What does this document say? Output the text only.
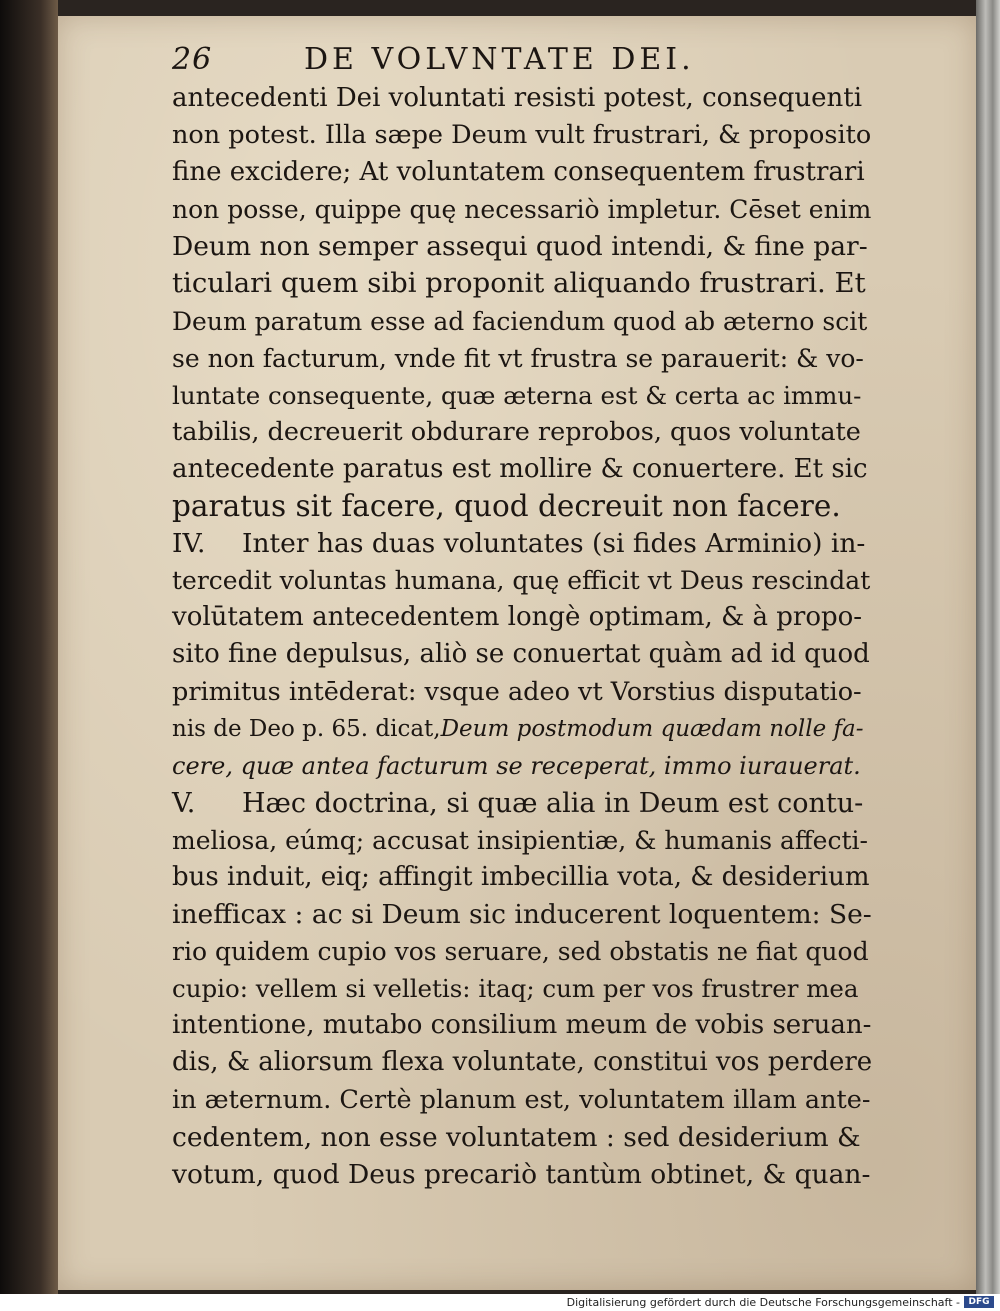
26	DE VOLVNTATE DEI.
antecedenti Dei voluntati resisti potest, consequenti
non potest. Illa sæpe Deum vult frustrari, & proposito
fine excidere; At voluntatem consequentem frustrari
non posse, quippe quę necessariò impletur. Cēset enim
Deum non semper assequi quod intendi, & fine par-
ticulari quem sibi proponit aliquando frustrari. Et
Deum paratum esse ad faciendum quod ab æterno scit
se non facturum, vnde fit vt frustra se parauerit: & vo-
luntate consequente, quæ æterna est & certa ac immu-
tabilis, decreuerit obdurare reprobos, quos voluntate
antecedente paratus est mollire & conuertere. Et sic
paratus sit facere, quod decreuit non facere.
IV. Inter has duas voluntates (si fides Arminio) in-
tercedit voluntas humana, quę efficit vt Deus rescindat
volūtatem antecedentem longè optimam, & à propo-
sito fine depulsus, aliò se conuertat quàm ad id quod
primitus intēderat: vsque adeo vt Vorstius disputatio-
nis de Deo p. 65. dicat,Deum postmodum quædam nolle fa-
cere, quæ antea facturum se receperat, immo iurauerat.
V. Hæc doctrina, si quæ alia in Deum est contu-
meliosa, eúmq; accusat insipientiæ, & humanis affecti-
bus induit, eiq; affingit imbecillia vota, & desiderium
inefficax : ac si Deum sic inducerent loquentem: Se-
rio quidem cupio vos seruare, sed obstatis ne fiat quod
cupio: vellem si velletis: itaq; cum per vos frustrer mea
intentione, mutabo consilium meum de vobis seruan-
dis, & aliorsum flexa voluntate, constitui vos perdere
in æternum. Certè planum est, voluntatem illam ante-
cedentem, non esse voluntatem : sed desiderium &
votum, quod Deus precariò tantùm obtinet, & quan-
Digitalisierung gefördert durch die Deutsche Forschungsgemeinschaft - DFG
